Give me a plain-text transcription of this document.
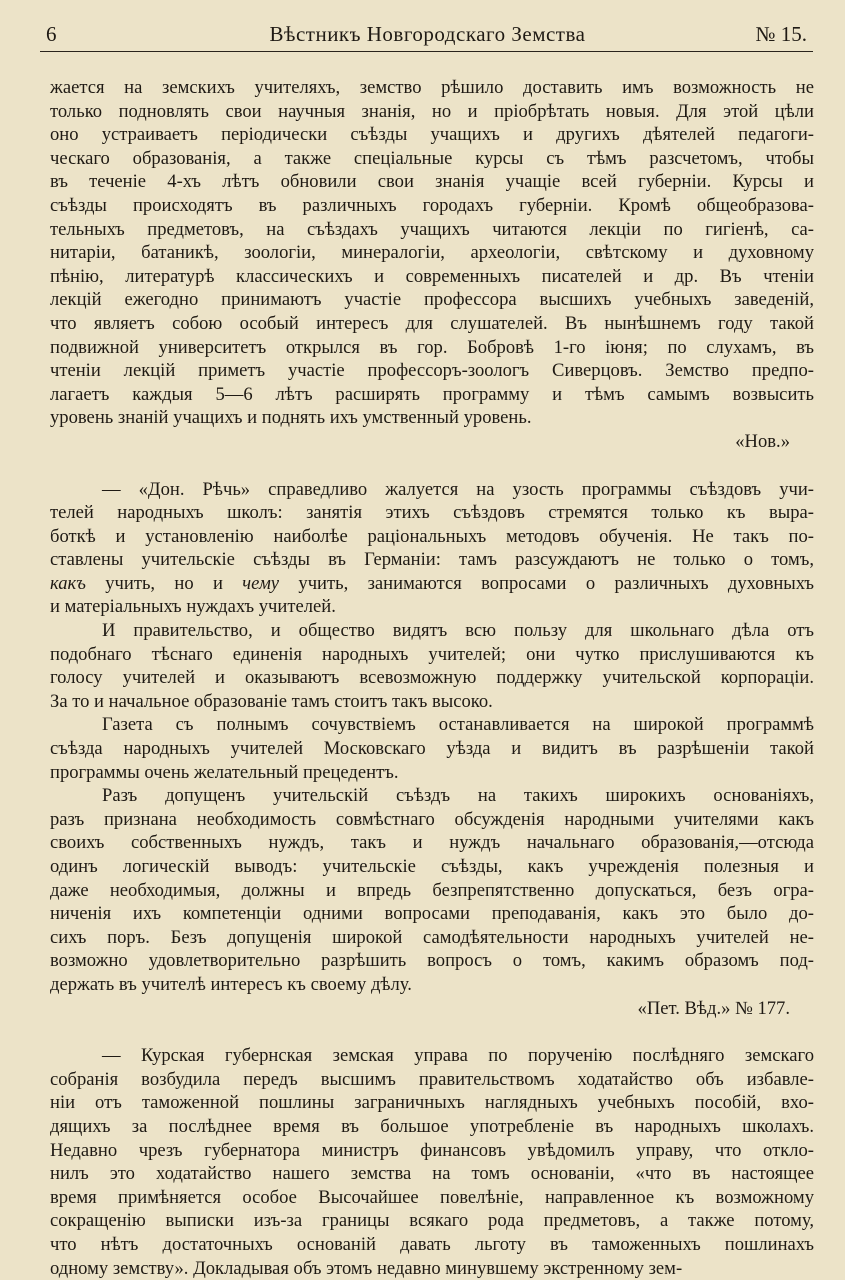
6	Вѣстникъ Новгородскаго Земства	№ 15.
жается на земскихъ учителяхъ, земство рѣшило доставить имъ возможность не
только подновлять свои научныя знанія, но и пріобрѣтать новыя. Для этой цѣли
оно устраиваетъ періодически съѣзды учащихъ и другихъ дѣятелей педагоги-
ческаго образованія, а также спеціальные курсы съ тѣмъ разсчетомъ, чтобы
въ теченіе 4-хъ лѣтъ обновили свои знанія учащіе всей губерніи. Курсы и
съѣзды происходятъ въ различныхъ городахъ губерніи. Кромѣ общеобразова-
тельныхъ предметовъ, на съѣздахъ учащихъ читаются лекціи по гигіенѣ, са-
нитаріи, батаникѣ, зоологіи, минералогіи, археологіи, свѣтскому и духовному
пѣнію, литературѣ классическихъ и современныхъ писателей и др. Въ чтеніи
лекцій ежегодно принимаютъ участіе профессора высшихъ учебныхъ заведеній,
что являетъ собою особый интересъ для слушателей. Въ нынѣшнемъ году такой
подвижной университетъ открылся въ гор. Бобровѣ 1-го іюня; по слухамъ, въ
чтеніи лекцій приметъ участіе профессоръ-зоологъ Сиверцовъ. Земство предпо-
лагаетъ каждыя 5—6 лѣтъ расширять программу и тѣмъ самымъ возвысить
уровень знаній учащихъ и поднять ихъ умственный уровень.
«Нов.»
— «Дон. Рѣчь» справедливо жалуется на узость программы съѣздовъ учи-
телей народныхъ школъ: занятія этихъ съѣздовъ стремятся только къ выра-
боткѣ и установленію наиболѣе раціональныхъ методовъ обученія. Не такъ по-
ставлены учительскіе съѣзды въ Германіи: тамъ разсуждаютъ не только о томъ,
какъ учить, но и чему учить, занимаются вопросами о различныхъ духовныхъ
и матеріальныхъ нуждахъ учителей.
И правительство, и общество видятъ всю пользу для школьнаго дѣла отъ
подобнаго тѣснаго единенія народныхъ учителей; они чутко прислушиваются къ
голосу учителей и оказываютъ всевозможную поддержку учительской корпораціи.
За то и начальное образованіе тамъ стоитъ такъ высоко.
Газета съ полнымъ сочувствіемъ останавливается на широкой программѣ
съѣзда народныхъ учителей Московскаго уѣзда и видитъ въ разрѣшеніи такой
программы очень желательный прецедентъ.
Разъ допущенъ учительскій съѣздъ на такихъ широкихъ основаніяхъ,
разъ признана необходимость совмѣстнаго обсужденія народными учителями какъ
своихъ собственныхъ нуждъ, такъ и нуждъ начальнаго образованія,—отсюда
одинъ логическій выводъ: учительскіе съѣзды, какъ учрежденія полезныя и
даже необходимыя, должны и впредь безпрепятственно допускаться, безъ огра-
ниченія ихъ компетенціи одними вопросами преподаванія, какъ это было до-
сихъ поръ. Безъ допущенія широкой самодѣятельности народныхъ учителей не-
возможно удовлетворительно разрѣшить вопросъ о томъ, какимъ образомъ под-
держать въ учителѣ интересъ къ своему дѣлу.
«Пет. Вѣд.» № 177.
— Курская губернская земская управа по порученію послѣдняго земскаго
собранія возбудила передъ высшимъ правительствомъ ходатайство объ избавле-
ніи отъ таможенной пошлины заграничныхъ наглядныхъ учебныхъ пособій, вхо-
дящихъ за послѣднее время въ большое употребленіе въ народныхъ школахъ.
Недавно чрезъ губернатора министръ финансовъ увѣдомилъ управу, что откло-
нилъ это ходатайство нашего земства на томъ основаніи, «что въ настоящее
время примѣняется особое Высочайшее повелѣніе, направленное къ возможному
сокращенію выписки изъ-за границы всякаго рода предметовъ, а также потому,
что нѣтъ достаточныхъ основаній давать льготу въ таможенныхъ пошлинахъ
одному земству». Докладывая объ этомъ недавно минувшему экстренному зем-
